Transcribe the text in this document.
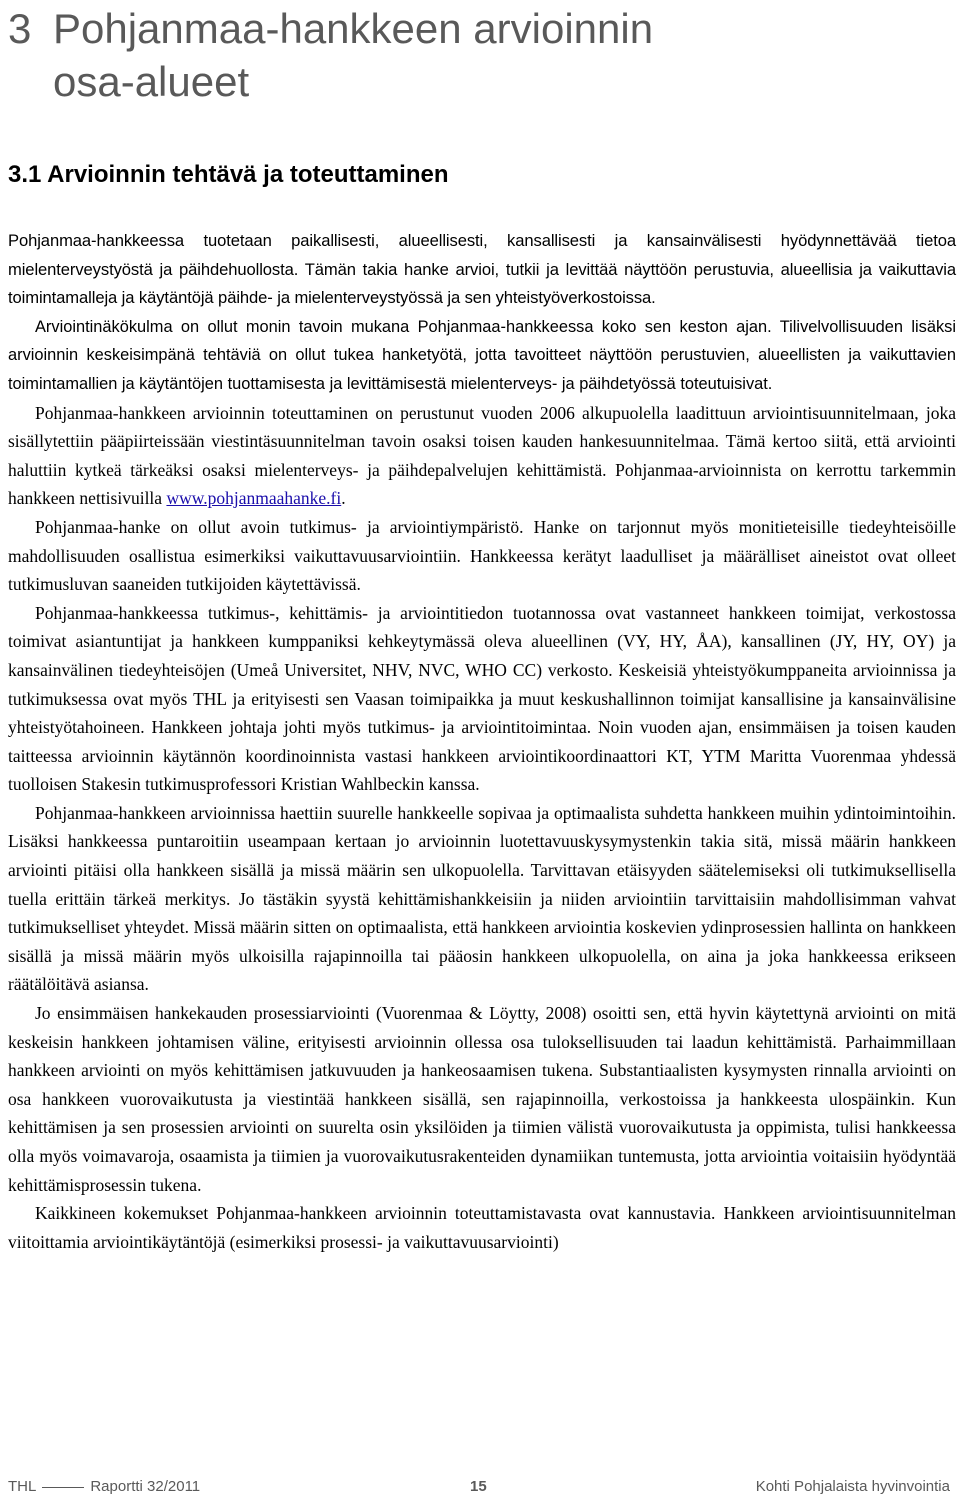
3 Pohjanmaa-hankkeen arvioinnin
osa-alueet
3.1 Arvioinnin tehtävä ja toteuttaminen

Pohjanmaa-hankkeessa tuotetaan paikallisesti, alueellisesti, kansallisesti ja kansainvälisesti hyödynnettävää tietoa mielenterveystyöstä ja päihdehuollosta. Tämän takia hanke arvioi, tutkii ja levittää näyttöön perustuvia, alueellisia ja vaikuttavia toimintamalleja ja käytäntöjä päihde- ja mielenterveystyössä ja sen yhteistyöverkostoissa.

Arviointinäkökulma on ollut monin tavoin mukana Pohjanmaa-hankkeessa koko sen keston ajan. Tilivelvollisuuden lisäksi arvioinnin keskeisimpänä tehtäviä on ollut tukea hanketyötä, jotta tavoitteet näyttöön perustuvien, alueellisten ja vaikuttavien toimintamallien ja käytäntöjen tuottamisesta ja levittämisestä mielenterveys- ja päihdetyössä toteutuisivat.

Pohjanmaa-hankkeen arvioinnin toteuttaminen on perustunut vuoden 2006 alkupuolella laadittuun arviointisuunnitelmaan, joka sisällytettiin pääpiirteissään viestintäsuunnitelman tavoin osaksi toisen kauden hankesuunnitelmaa. Tämä kertoo siitä, että arviointi haluttiin kytkeä tärkeäksi osaksi mielenterveys- ja päihdepalvelujen kehittämistä. Pohjanmaa-arvioinnista on kerrottu tarkemmin hankkeen nettisivuilla www.pohjanmaahanke.fi.

Pohjanmaa-hanke on ollut avoin tutkimus- ja arviointiympäristö. Hanke on tarjonnut myös monitieteisille tiedeyhteisöille mahdollisuuden osallistua esimerkiksi vaikuttavuusarviointiin. Hankkeessa kerätyt laadulliset ja määrälliset aineistot ovat olleet tutkimusluvan saaneiden tutkijoiden käytettävissä.

Pohjanmaa-hankkeessa tutkimus-, kehittämis- ja arviointitiedon tuotannossa ovat vastanneet hankkeen toimijat, verkostossa toimivat asiantuntijat ja hankkeen kumppaniksi kehkeytymässä oleva alueellinen (VY, HY, ÅA), kansallinen (JY, HY, OY) ja kansainvälinen tiedeyhteisöjen (Umeå Universitet, NHV, NVC, WHO CC) verkosto. Keskeisiä yhteistyökumppaneita arvioinnissa ja tutkimuksessa ovat myös THL ja erityisesti sen Vaasan toimipaikka ja muut keskushallinnon toimijat kansallisine ja kansainvälisine yhteistyötahoineen. Hankkeen johtaja johti myös tutkimus- ja arviointitoimintaa. Noin vuoden ajan, ensimmäisen ja toisen kauden taitteessa arvioinnin käytännön koordinoinnista vastasi hankkeen arviointikoordinaattori KT, YTM Maritta Vuorenmaa yhdessä tuolloisen Stakesin tutkimusprofessori Kristian Wahlbeckin kanssa.

Pohjanmaa-hankkeen arvioinnissa haettiin suurelle hankkeelle sopivaa ja optimaalista suhdetta hankkeen muihin ydintoimintoihin. Lisäksi hankkeessa puntaroitiin useampaan kertaan jo arvioinnin luotettavuuskysymystenkin takia sitä, missä määrin hankkeen arviointi pitäisi olla hankkeen sisällä ja missä määrin sen ulkopuolella. Tarvittavan etäisyyden säätelemiseksi oli tutkimuksellisella tuella erittäin tärkeä merkitys. Jo tästäkin syystä kehittämishankkeisiin ja niiden arviointiin tarvittaisiin mahdollisimman vahvat tutkimukselliset yhteydet. Missä määrin sitten on optimaalista, että hankkeen arviointia koskevien ydinprosessien hallinta on hankkeen sisällä ja missä määrin myös ulkoisilla rajapinnoilla tai pääosin hankkeen ulkopuolella, on aina ja joka hankkeessa erikseen räätälöitävä asiansa.

Jo ensimmäisen hankekauden prosessiarviointi (Vuorenmaa & Löytty, 2008) osoitti sen, että hyvin käytettynä arviointi on mitä keskeisin hankkeen johtamisen väline, erityisesti arvioinnin ollessa osa tuloksellisuuden tai laadun kehittämistä. Parhaimmillaan hankkeen arviointi on myös kehittämisen jatkuvuuden ja hankeosaamisen tukena. Substantiaalisten kysymysten rinnalla arviointi on osa hankkeen vuorovaikutusta ja viestintää hankkeen sisällä, sen rajapinnoilla, verkostoissa ja hankkeesta ulospäinkin. Kun kehittämisen ja sen prosessien arviointi on suurelta osin yksilöiden ja tiimien välistä vuorovaikutusta ja oppimista, tulisi hankkeessa olla myös voimavaroja, osaamista ja tiimien ja vuorovaikutusrakenteiden dynamiikan tuntemusta, jotta arviointia voitaisiin hyödyntää kehittämisprosessin tukena.

Kaikkineen kokemukset Pohjanmaa-hankkeen arvioinnin toteuttamistavasta ovat kannustavia. Hankkeen arviointisuunnitelman viitoittamia arviointikäytäntöjä (esimerkiksi prosessi- ja vaikuttavuusarviointi)

THL	Raportti 32/2011	15	Kohti Pohjalaista hyvinvointia
